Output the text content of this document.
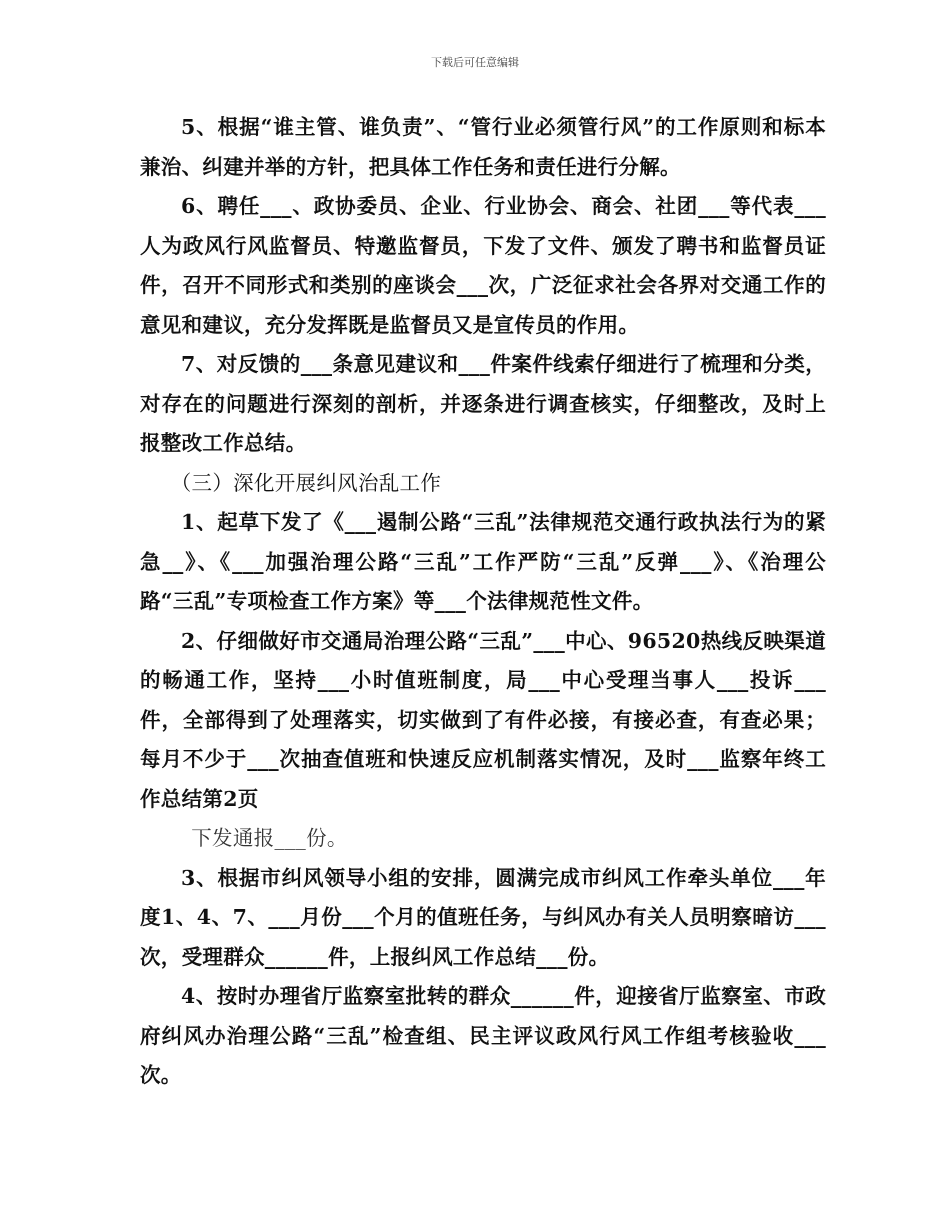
下载后可任意编辑

5、根据“谁主管、谁负责”、“管行业必须管行风”的工作原则和标本兼治、纠建并举的方针，把具体工作任务和责任进行分解。

6、聘任___、政协委员、企业、行业协会、商会、社团___等代表___人为政风行风监督员、特邀监督员，下发了文件、颁发了聘书和监督员证件，召开不同形式和类别的座谈会___次，广泛征求社会各界对交通工作的意见和建议，充分发挥既是监督员又是宣传员的作用。

7、对反馈的___条意见建议和___件案件线索仔细进行了梳理和分类，对存在的问题进行深刻的剖析，并逐条进行调查核实，仔细整改，及时上报整改工作总结。

（三）深化开展纠风治乱工作

1、起草下发了《___遏制公路“三乱”法律规范交通行政执法行为的紧急__》、《___加强治理公路“三乱”工作严防“三乱”反弹___》、《治理公路“三乱”专项检查工作方案》等___个法律规范性文件。

2、仔细做好市交通局治理公路“三乱”___中心、96520热线反映渠道的畅通工作，坚持___小时值班制度，局___中心受理当事人___投诉___件，全部得到了处理落实，切实做到了有件必接，有接必查，有查必果；每月不少于___次抽查值班和快速反应机制落实情况，及时___监察年终工作总结第2页

下发通报___份。

3、根据市纠风领导小组的安排，圆满完成市纠风工作牵头单位___年度1、4、7、___月份___个月的值班任务，与纠风办有关人员明察暗访___次，受理群众______件，上报纠风工作总结___份。

4、按时办理省厅监察室批转的群众______件，迎接省厅监察室、市政府纠风办治理公路“三乱”检查组、民主评议政风行风工作组考核验收___次。
